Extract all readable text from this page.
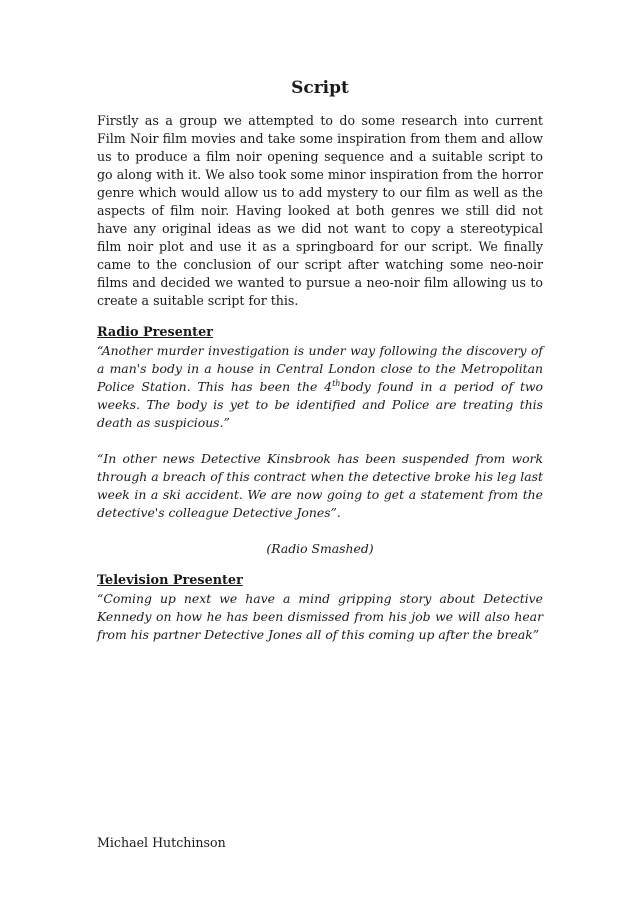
Script

Firstly as a group we attempted to do some research into current Film Noir film movies and take some inspiration from them and allow us to produce a film noir opening sequence and a suitable script to go along with it. We also took some minor inspiration from the horror genre which would allow us to add mystery to our film as well as the aspects of film noir. Having looked at both genres we still did not have any original ideas as we did not want to copy a stereotypical film noir plot and use it as a springboard for our script. We finally came to the conclusion of our script after watching some neo-noir films and decided we wanted to pursue a neo-noir film allowing us to create a suitable script for this.

Radio Presenter

“Another murder investigation is under way following the discovery of a man's body in a house in Central London close to the Metropolitan Police Station. This has been the 4thbody found in a period of two weeks. The body is yet to be identified and Police are treating this death as suspicious.”

“In other news Detective Kinsbrook has been suspended from work through a breach of this contract when the detective broke his leg last week in a ski accident. We are now going to get a statement from the detective's colleague Detective Jones”.

(Radio Smashed)

Television Presenter

“Coming up next we have a mind gripping story about Detective Kennedy on how he has been dismissed from his job we will also hear from his partner Detective Jones all of this coming up after the break”

Michael Hutchinson
